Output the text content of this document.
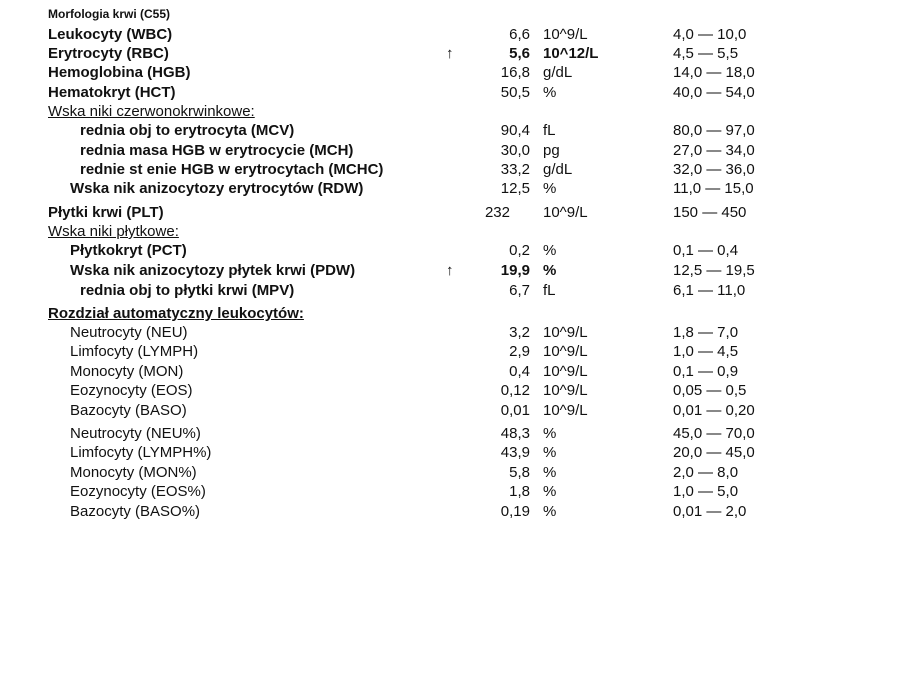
Morfologia krwi (C55)
Leukocyty (WBC)	6,6 10^9/L	4,0 — 10,0
Erytrocyty (RBC)	↑	5,6 10^12/L	4,5 — 5,5
Hemoglobina (HGB)	16,8 g/dL	14,0 — 18,0
Hematokryt (HCT)	50,5 %	40,0 — 54,0
Wska niki czerwonokrwinkowe:
rednia obj to erytrocyta (MCV)	90,4 fL	80,0 — 97,0
rednia masa HGB w erytrocycie (MCH)	30,0 pg	27,0 — 34,0
rednie st enie HGB w erytrocytach (MCHC)	33,2 g/dL	32,0 — 36,0
Wska nik anizocytozy erytrocytów (RDW)	12,5 %	11,0 — 15,0
Płytki krwi (PLT)	232 10^9/L	150 — 450
Wska niki płytkowe:
Płytkokryt (PCT)	0,2 %	0,1 — 0,4
Wska nik anizocytozy płytek krwi (PDW)	↑	19,9 %	12,5 — 19,5
rednia obj to płytki krwi (MPV)	6,7 fL	6,1 — 11,0
Rozdział automatyczny leukocytów:
Neutrocyty (NEU)	3,2 10^9/L	1,8 — 7,0
Limfocyty (LYMPH)	2,9 10^9/L	1,0 — 4,5
Monocyty (MON)	0,4 10^9/L	0,1 — 0,9
Eozynocyty (EOS)	0,12 10^9/L	0,05 — 0,5
Bazocyty (BASO)	0,01 10^9/L	0,01 — 0,20
Neutrocyty (NEU%)	48,3 %	45,0 — 70,0
Limfocyty (LYMPH%)	43,9 %	20,0 — 45,0
Monocyty (MON%)	5,8 %	2,0 — 8,0
Eozynocyty (EOS%)	1,8 %	1,0 — 5,0
Bazocyty (BASO%)	0,19 %	0,01 — 2,0
